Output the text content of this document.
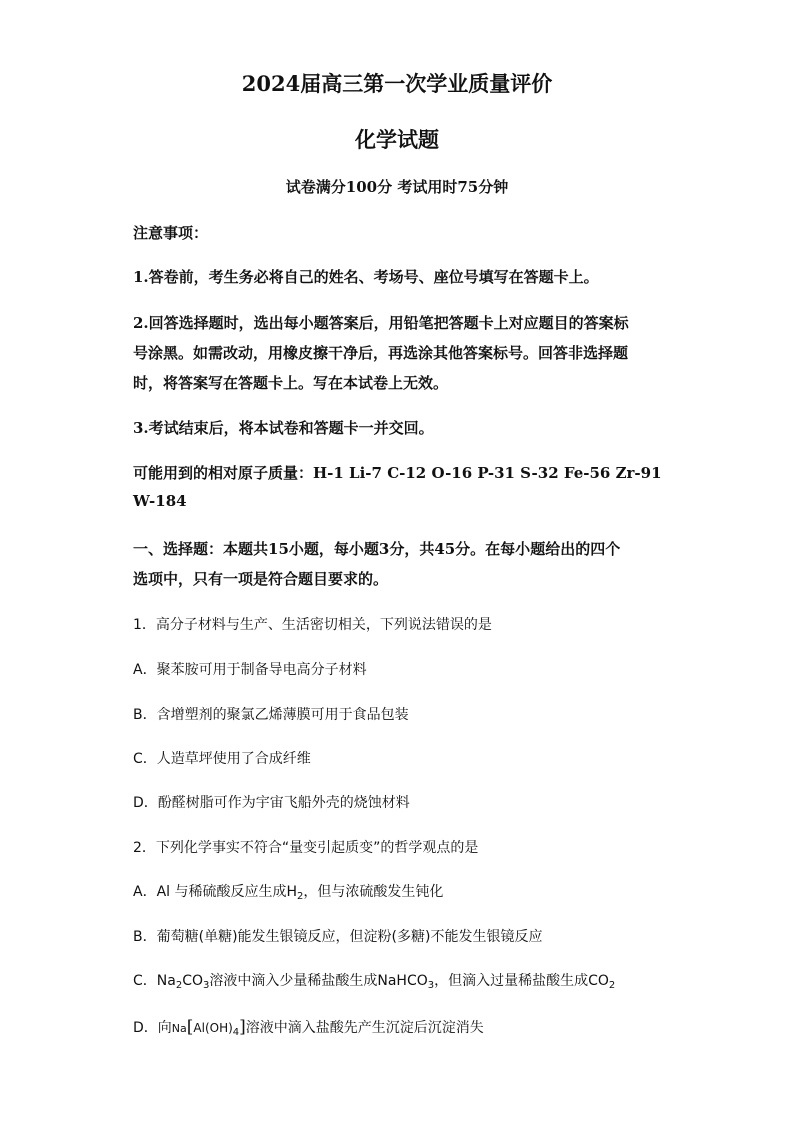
2024届高三第一次学业质量评价
化学试题
试卷满分100分 考试用时75分钟
注意事项：
1.答卷前，考生务必将自己的姓名、考场号、座位号填写在答题卡上。
2.回答选择题时，选出每小题答案后，用铅笔把答题卡上对应题目的答案标
号涂黑。如需改动，用橡皮擦干净后，再选涂其他答案标号。回答非选择题
时，将答案写在答题卡上。写在本试卷上无效。
3.考试结束后，将本试卷和答题卡一并交回。
可能用到的相对原子质量：H-1 Li-7 C-12 O-16 P-31 S-32 Fe-56 Zr-91
W-184
一、选择题：本题共15小题，每小题3分，共45分。在每小题给出的四个
选项中，只有一项是符合题目要求的。
1．高分子材料与生产、生活密切相关，下列说法错误的是
A．聚苯胺可用于制备导电高分子材料
B．含增塑剂的聚氯乙烯薄膜可用于食品包装
C．人造草坪使用了合成纤维
D．酚醛树脂可作为宇宙飞船外壳的烧蚀材料
2．下列化学事实不符合“量变引起质变”的哲学观点的是
A．Al 与稀硫酸反应生成$H_2$，但与浓硫酸发生钝化
B．葡萄糖(单糖)能发生银镜反应，但淀粉(多糖)不能发生银镜反应
C．$Na_2CO_3$溶液中滴入少量稀盐酸生成NaHCO$_3$，但滴入过量稀盐酸生成$CO_2$
D．向$Na[Al(OH)_4]$溶液中滴入盐酸先产生沉淀后沉淀消失
